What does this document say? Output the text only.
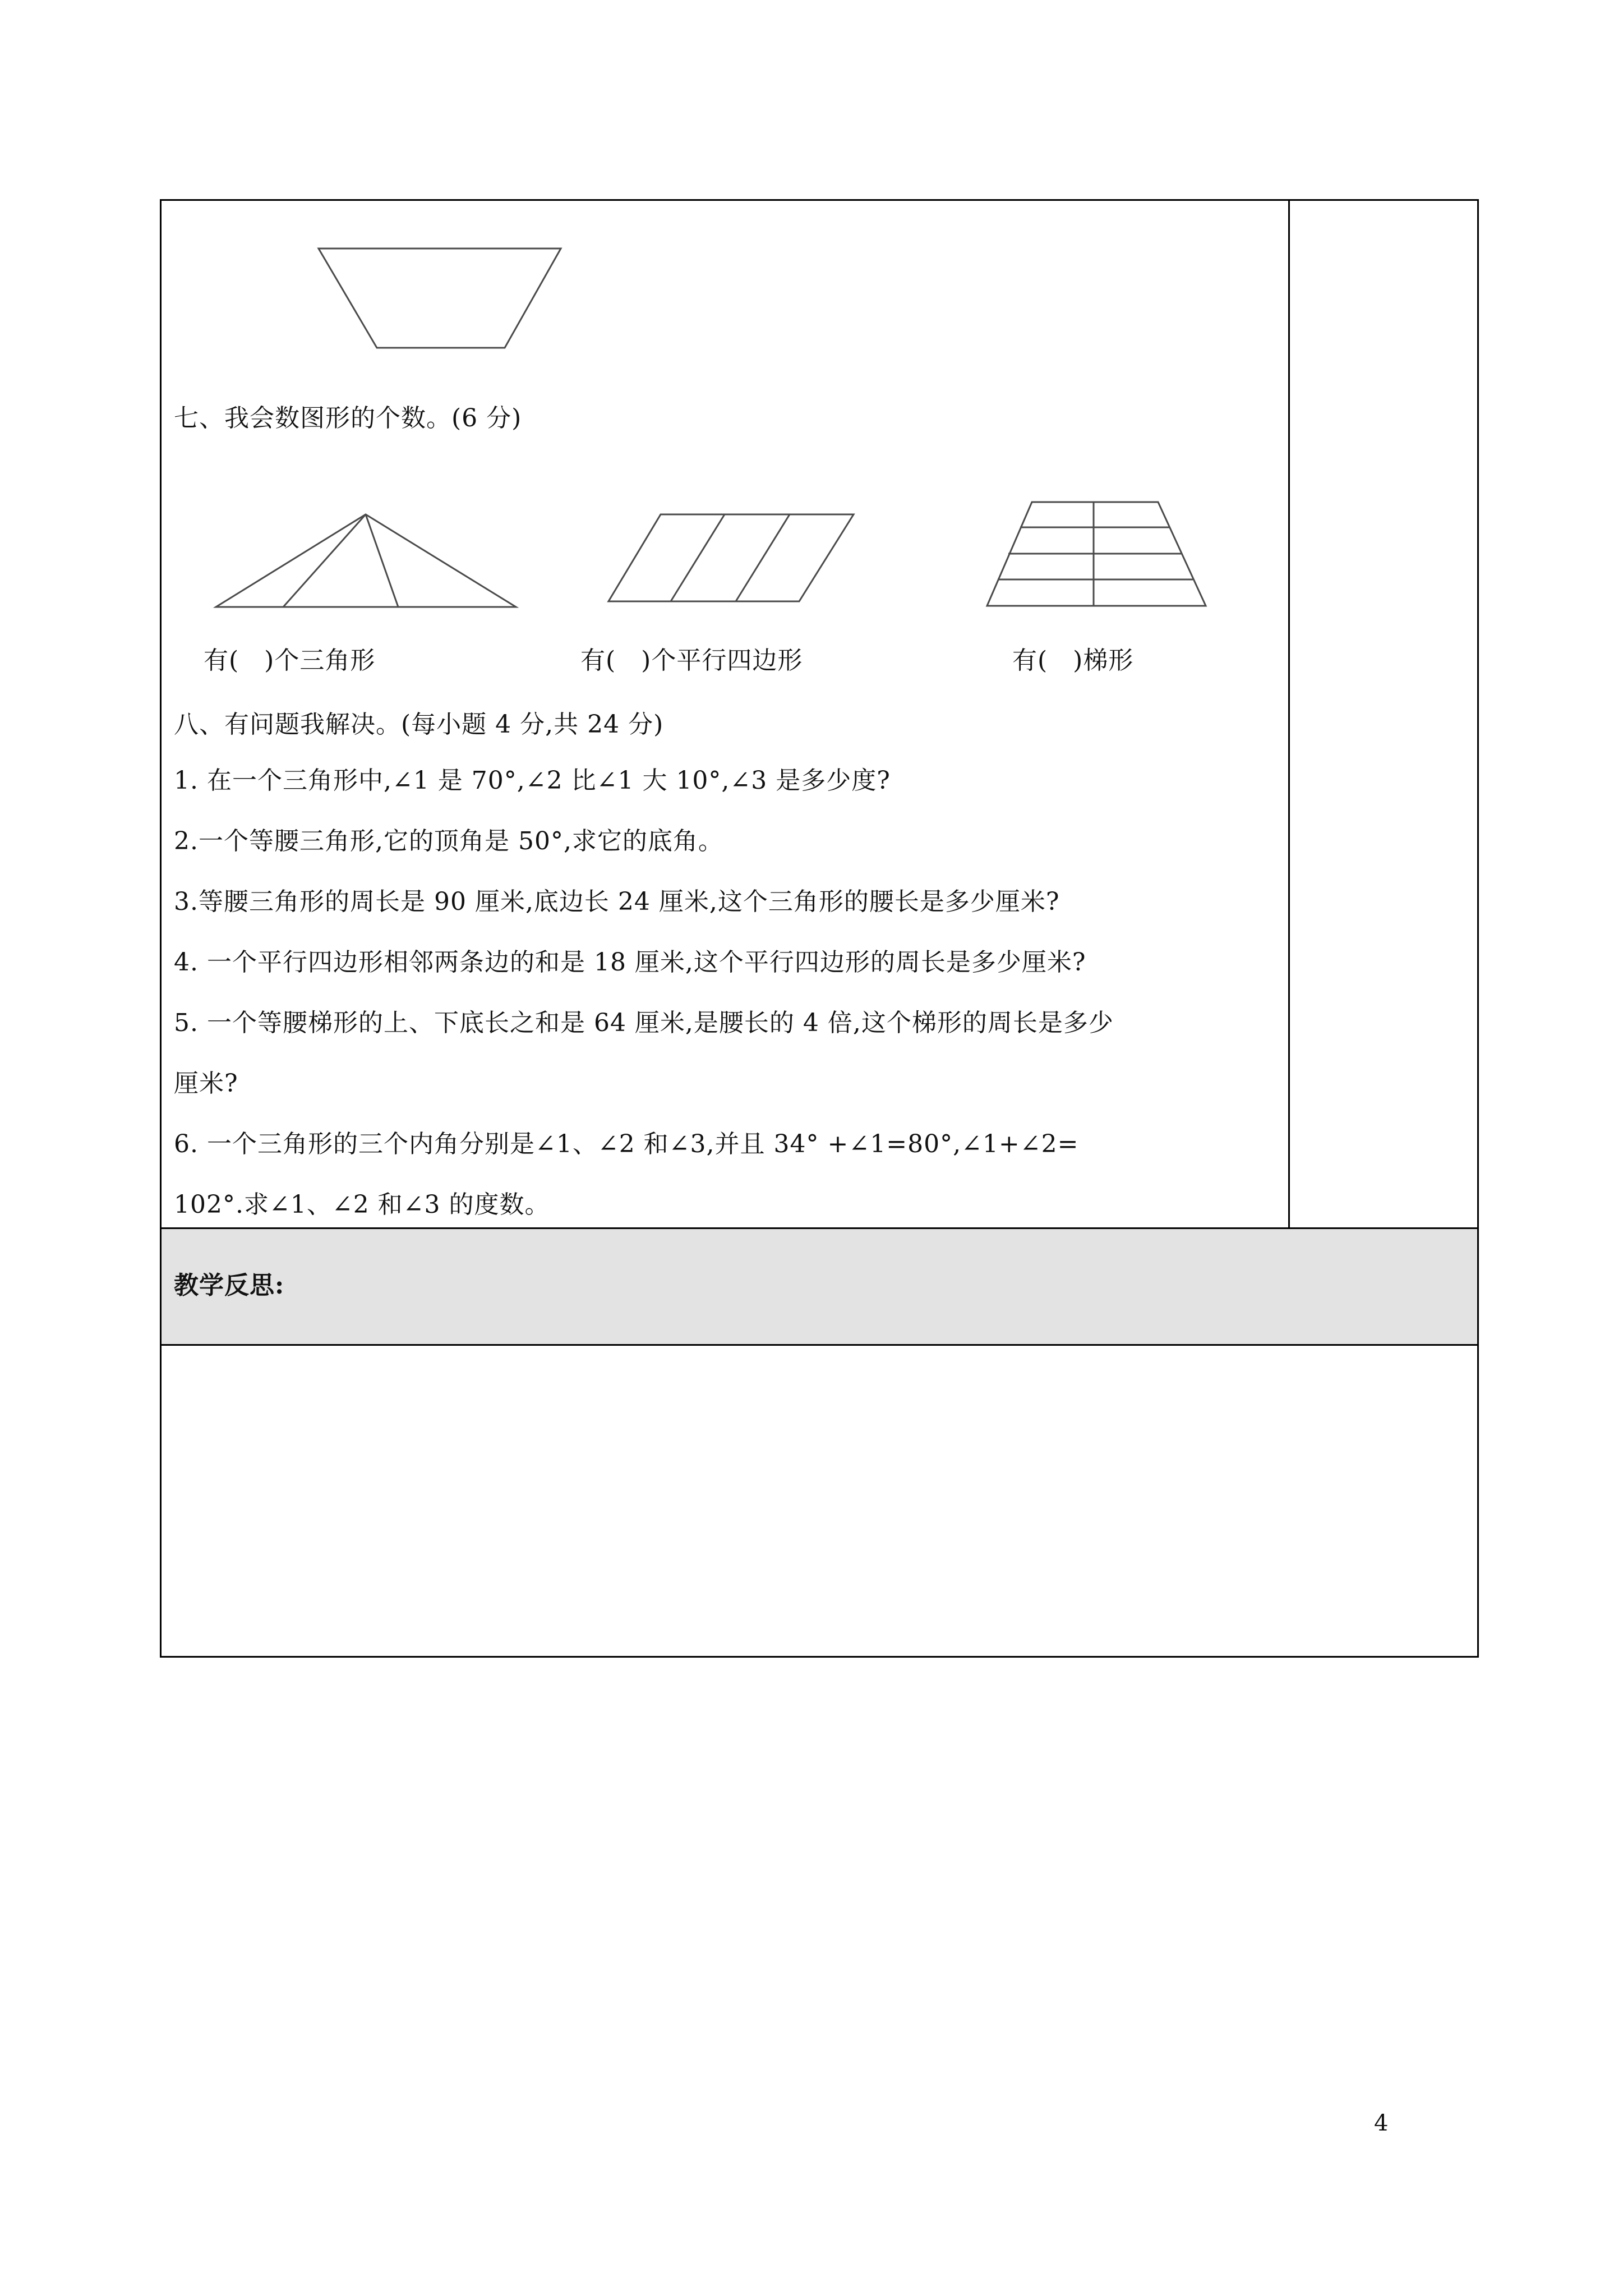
七、我会数图形的个数。(6 分)
有(　)个三角形	有(　)个平行四边形	有(　)梯形
八、有问题我解决。(每小题 4 分,共 24 分)
1. 在一个三角形中,∠1 是 70°,∠2 比∠1 大 10°,∠3 是多少度?
2.一个等腰三角形,它的顶角是 50°,求它的底角。
3.等腰三角形的周长是 90 厘米,底边长 24 厘米,这个三角形的腰长是多少厘米?
4. 一个平行四边形相邻两条边的和是 18 厘米,这个平行四边形的周长是多少厘米?
5. 一个等腰梯形的上、下底长之和是 64 厘米,是腰长的 4 倍,这个梯形的周长是多少
厘米?
6. 一个三角形的三个内角分别是∠1、∠2 和∠3,并且 34° +∠1=80°,∠1+∠2=
102°.求∠1、∠2 和∠3 的度数。
教学反思:
4
